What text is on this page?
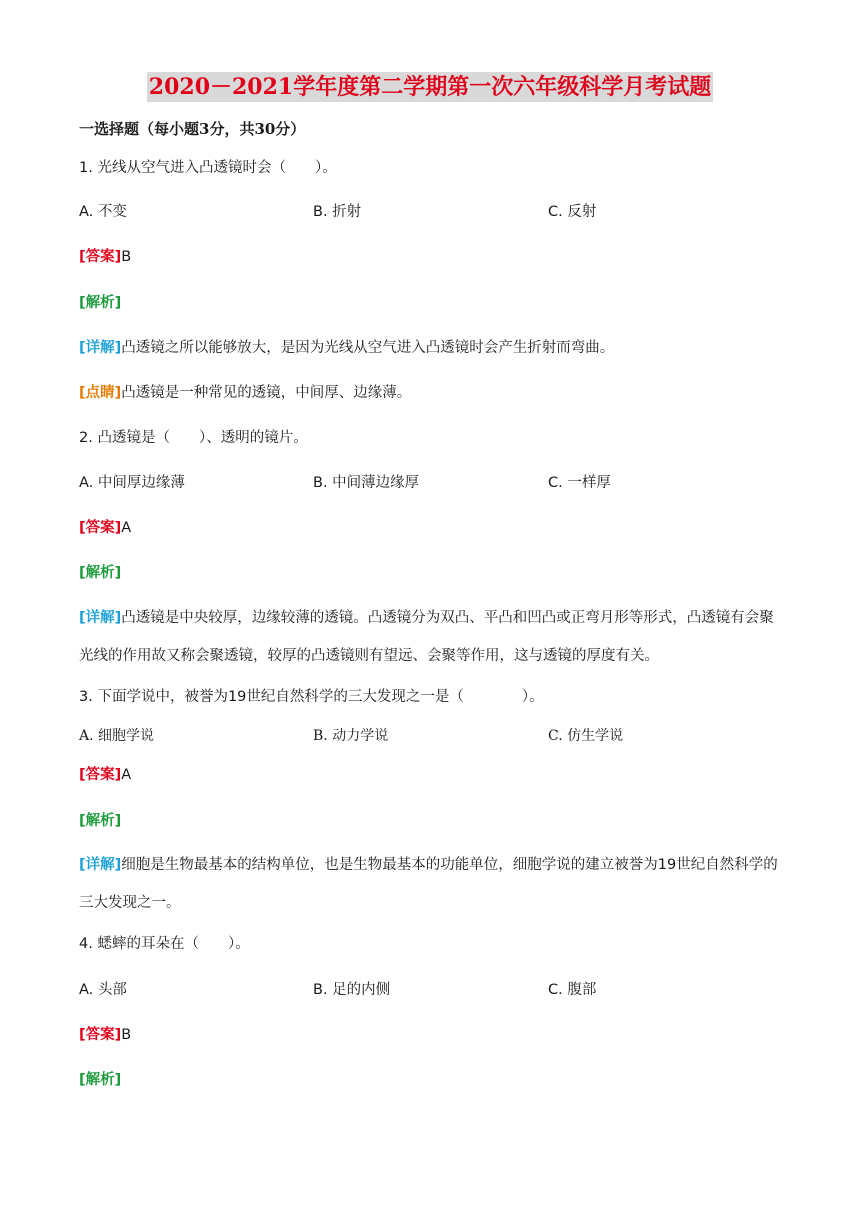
2020－2021学年度第二学期第一次六年级科学月考试题
一选择题（每小题3分，共30分）
1. 光线从空气进入凸透镜时会（　　）。
A. 不变	B. 折射	C. 反射
[答案]B
[解析]
[详解]凸透镜之所以能够放大，是因为光线从空气进入凸透镜时会产生折射而弯曲。
[点睛]凸透镜是一种常见的透镜，中间厚、边缘薄。
2. 凸透镜是（　　）、透明的镜片。
A. 中间厚边缘薄	B. 中间薄边缘厚	C. 一样厚
[答案]A
[解析]
[详解]凸透镜是中央较厚，边缘较薄的透镜。凸透镜分为双凸、平凸和凹凸或正弯月形等形式，凸透镜有会聚光线的作用故又称会聚透镜，较厚的凸透镜则有望远、会聚等作用，这与透镜的厚度有关。
3. 下面学说中，被誉为19世纪自然科学的三大发现之一是（　　　　）。
A. 细胞学说	B. 动力学说	C. 仿生学说
[答案]A
[解析]
[详解]细胞是生物最基本的结构单位，也是生物最基本的功能单位，细胞学说的建立被誉为19世纪自然科学的三大发现之一。
4. 蟋蟀的耳朵在（　　）。
A. 头部	B. 足的内侧	C. 腹部
[答案]B
[解析]
